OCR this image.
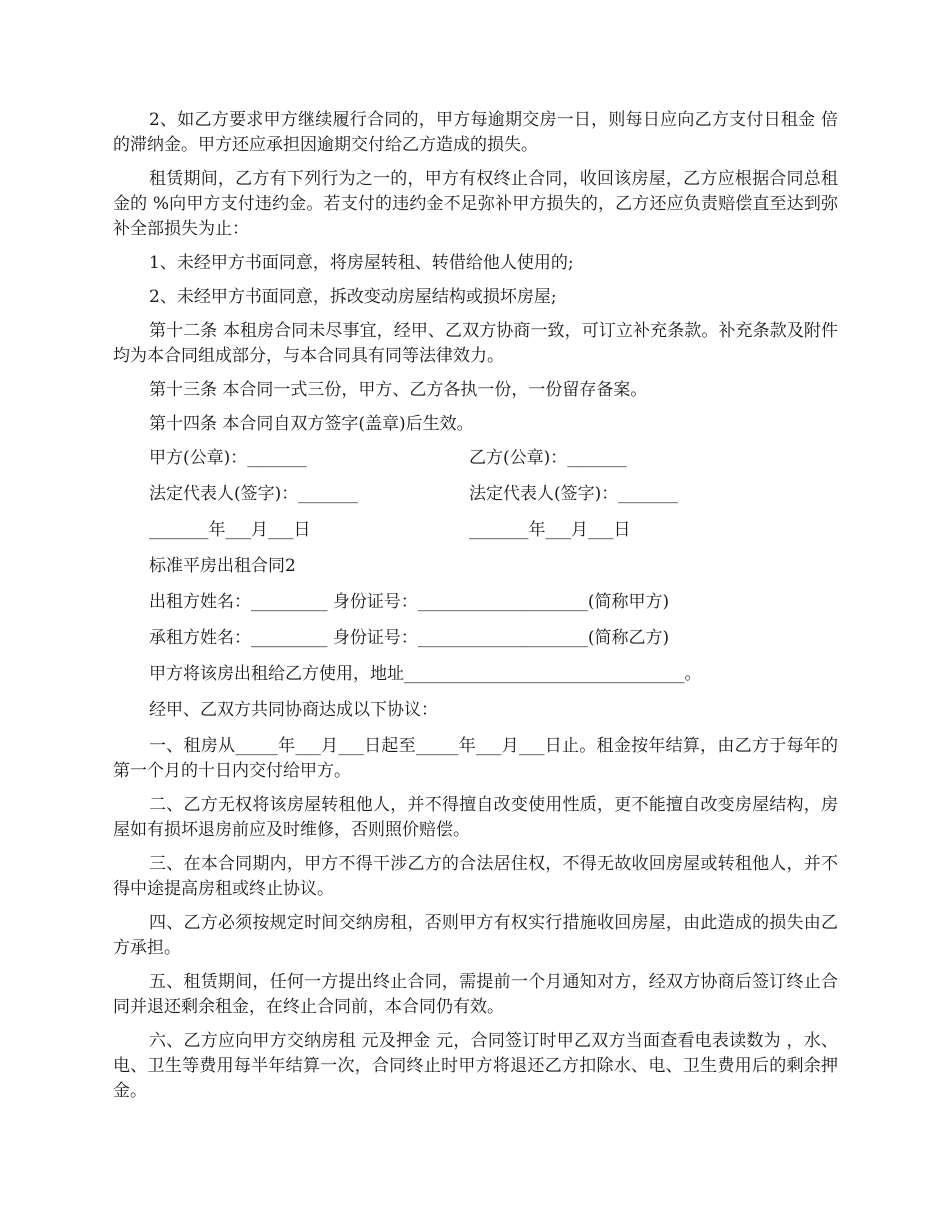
2、如乙方要求甲方继续履行合同的，甲方每逾期交房一日，则每日应向乙方支付日租金 倍的滞纳金。甲方还应承担因逾期交付给乙方造成的损失。

租赁期间，乙方有下列行为之一的，甲方有权终止合同，收回该房屋，乙方应根据合同总租金的 %向甲方支付违约金。若支付的违约金不足弥补甲方损失的，乙方还应负责赔偿直至达到弥补全部损失为止：

1、未经甲方书面同意，将房屋转租、转借给他人使用的;

2、未经甲方书面同意，拆改变动房屋结构或损坏房屋;

第十二条 本租房合同未尽事宜，经甲、乙双方协商一致，可订立补充条款。补充条款及附件均为本合同组成部分，与本合同具有同等法律效力。

第十三条 本合同一式三份，甲方、乙方各执一份，一份留存备案。

第十四条 本合同自双方签字(盖章)后生效。

甲方(公章)：_______	乙方(公章)：_______
法定代表人(签字)：_______	法定代表人(签字)：_______
_______年___月___日	_______年___月___日

标准平房出租合同2

出租方姓名：_________ 身份证号：____________________(简称甲方)

承租方姓名：_________ 身份证号：____________________(简称乙方)

甲方将该房出租给乙方使用，地址_________________________________。

经甲、乙双方共同协商达成以下协议：

一、租房从_____年___月___日起至_____年___月___日止。租金按年结算，由乙方于每年的第一个月的十日内交付给甲方。

二、乙方无权将该房屋转租他人，并不得擅自改变使用性质，更不能擅自改变房屋结构，房屋如有损坏退房前应及时维修，否则照价赔偿。

三、在本合同期内，甲方不得干涉乙方的合法居住权，不得无故收回房屋或转租他人，并不得中途提高房租或终止协议。

四、乙方必须按规定时间交纳房租，否则甲方有权实行措施收回房屋，由此造成的损失由乙方承担。

五、租赁期间，任何一方提出终止合同，需提前一个月通知对方，经双方协商后签订终止合同并退还剩余租金，在终止合同前，本合同仍有效。

六、乙方应向甲方交纳房租 元及押金 元，合同签订时甲乙双方当面查看电表读数为 ，水、电、卫生等费用每半年结算一次，合同终止时甲方将退还乙方扣除水、电、卫生费用后的剩余押金。
